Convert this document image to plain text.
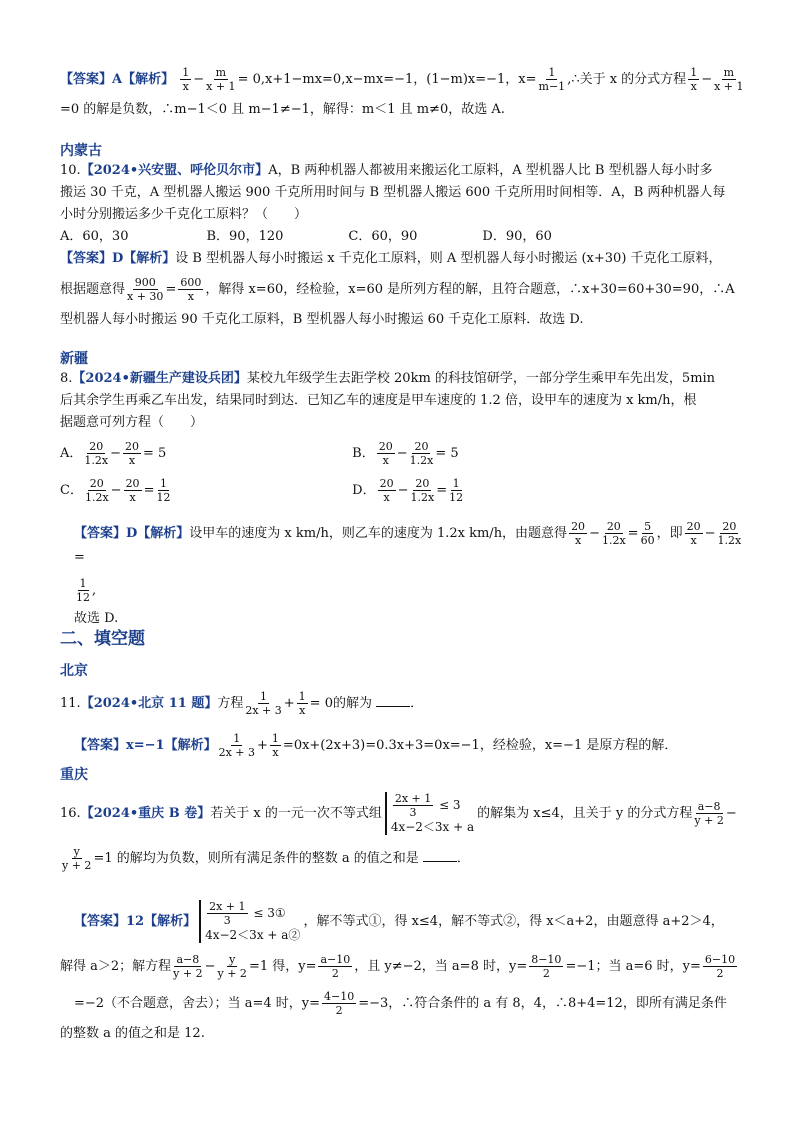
【答案】A【解析】 $\frac{1}{x} - \frac{m}{x + 1} = 0,x+1-mx=0,x-mx=-1$，(1−m)x=−1，$x= \frac{1}{m-1}$ ,∴关于 x 的分式方程 $\frac{1}{x} - \frac{m}{x + 1}$
=0 的解是负数，∴m−1＜0 且 m−1≠−1，解得：m＜1 且 m≠0，故选 A.
内蒙古
10.【2024•兴安盟、呼伦贝尔市】A，B 两种机器人都被用来搬运化工原料，A 型机器人比 B 型机器人每小时多
搬运 30 千克，A 型机器人搬运 900 千克所用时间与 B 型机器人搬运 600 千克所用时间相等．A，B 两种机器人每
小时分别搬运多少千克化工原料？（　　）
A．60，30　　　　　　B．90，120　　　　　C．60，90　　　　　D．90，60
【答案】D【解析】设 B 型机器人每小时搬运 x 千克化工原料，则 A 型机器人每小时搬运 (x+30) 千克化工原料，
根据题意得 $\frac{900}{x + 30} = \frac{600}{x}$ ，解得 x=60，经检验，x=60 是所列方程的解，且符合题意，∴x+30=60+30=90，∴A
型机器人每小时搬运 90 千克化工原料，B 型机器人每小时搬运 60 千克化工原料．故选 D.
新疆
8.【2024•新疆生产建设兵团】某校九年级学生去距学校 20km 的科技馆研学，一部分学生乘甲车先出发，5min
后其余学生再乘乙车出发，结果同时到达．已知乙车的速度是甲车速度的 1.2 倍，设甲车的速度为 x km/h，根
据题意可列方程（　　）
A． $\frac{20}{1.2x} - \frac{20}{x} = 5$	B． $\frac{20}{x} - \frac{20}{1.2x} = 5$
C． $\frac{20}{1.2x} - \frac{20}{x} = \frac{1}{12}$	D． $\frac{20}{x} - \frac{20}{1.2x} = \frac{1}{12}$
【答案】D【解析】设甲车的速度为 x km/h，则乙车的速度为 1.2x km/h，由题意得 $\frac{20}{x} - \frac{20}{1.2x} = \frac{5}{60}$ ，即 $\frac{20}{x} - \frac{20}{1.2x}$
=
$\frac{1}{12}$ ,
故选 D.
二、填空题
北京
11.【2024•北京 11 题】方程 $\frac{1}{2x + 3} + \frac{1}{x} = 0$的解为	．
【答案】x=−1【解析】 $\frac{1}{2x + 3} + \frac{1}{x} =0x+(2x+3)=0.3x+3=0x=-1$，经检验，x=−1 是原方程的解．
重庆
16.【2024•重庆 B 卷】若关于 x 的一元一次不等式组 $\frac{2x + 1}{3} \le 3$
4x−2＜3x + a
的解集为 x≤4，且关于 y 的分式方程 $\frac{a-8}{y + 2}$ −
$\frac{y}{y + 2} =1$ 的解均为负数，则所有满足条件的整数 a 的值之和是	．
【答案】12【解析】 $\frac{2x + 1}{3}$ ≤ 3①
4x−2＜3x + a②
，解不等式①，得 x≤4，解不等式②，得 x＜a+2，由题意得 a+2＞4，
解得 a＞2；解方程 $\frac{a-8}{y + 2} - \frac{y}{y + 2} =1$ 得，$y= \frac{a-10}{2}$ ，且 y≠−2，当 a=8 时，$y= \frac{8-10}{2} =-1$；当 a=6 时，$y= \frac{6-10}{2}$
=−2（不合题意，舍去）；当 a=4 时，$y= \frac{4-10}{2} =-3$，∴符合条件的 a 有 8，4，∴8+4=12，即所有满足条件
的整数 a 的值之和是 12.
